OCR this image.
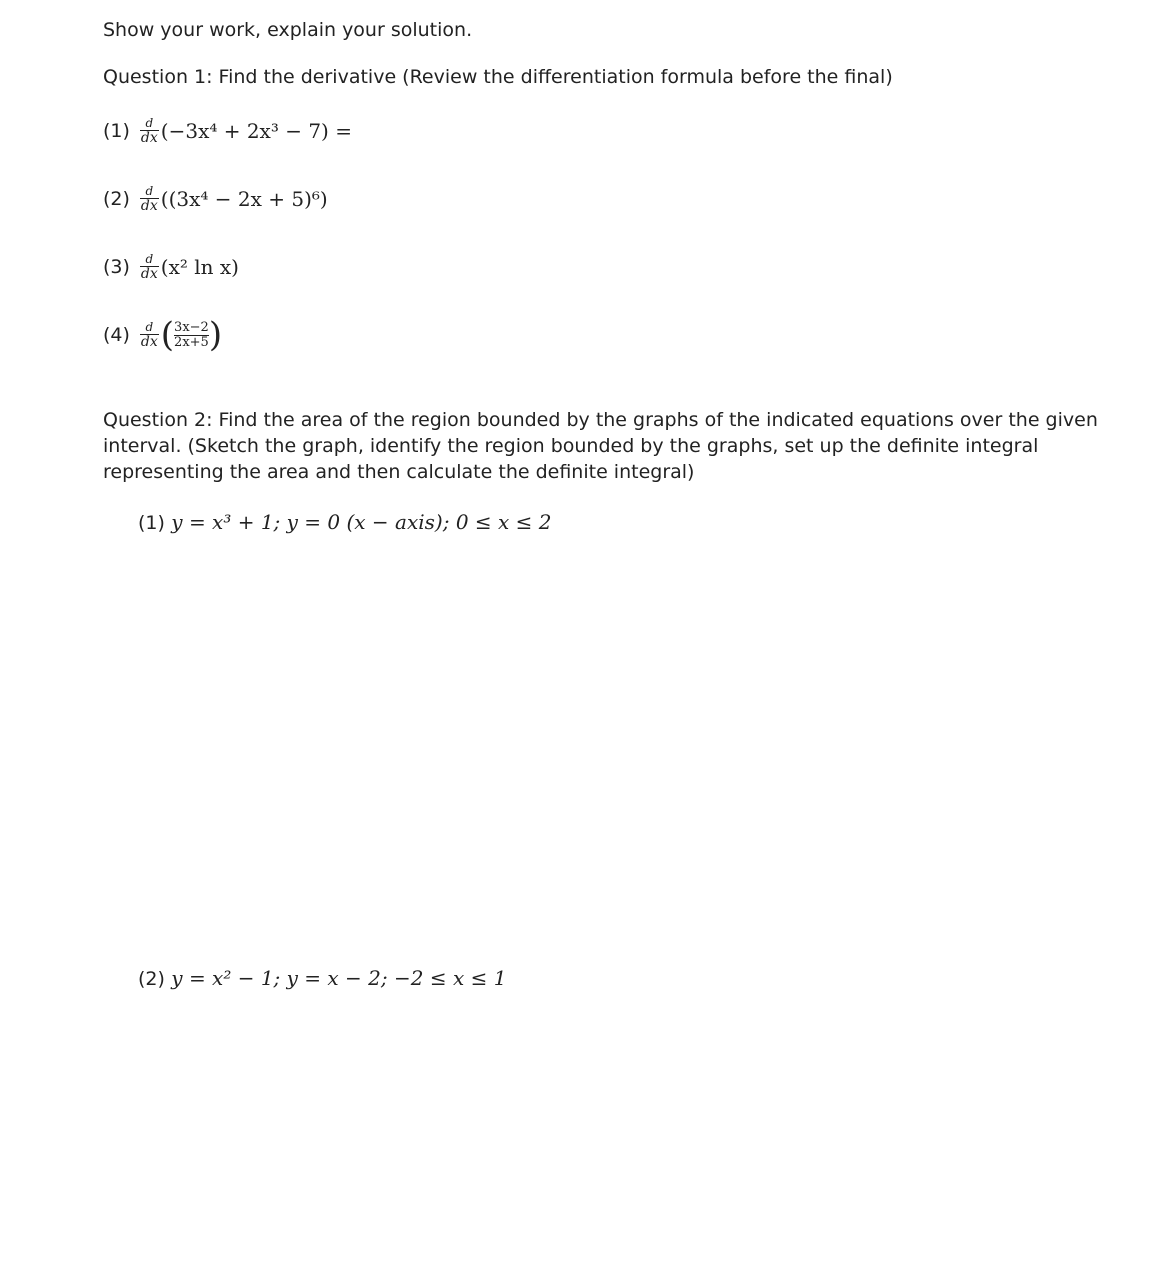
Show your work, explain your solution.
Question 1: Find the derivative (Review the differentiation formula before the final)
$(1) \frac{d}{dx} (-3x^4 + 2x^3 - 7)$ =
$(2) \frac{d}{dx} ((3x^4 - 2x + 5)^6)$
$(3) \frac{d}{dx} (x^2$ ln x)
$(4) \frac{d}{dx}$ ( $\frac{3x-2}{2x+5}$ )
Question 2: Find the area of the region bounded by the graphs of the indicated equations over the given interval. (Sketch the graph, identify the region bounded by the graphs, set up the definite integral representing the area and then calculate the definite integral)
(1) y = x³ + 1; y = 0 (x − axis); 0 ≤ x ≤ 2
(2) y = x² − 1; y = x − 2; −2 ≤ x ≤ 1
